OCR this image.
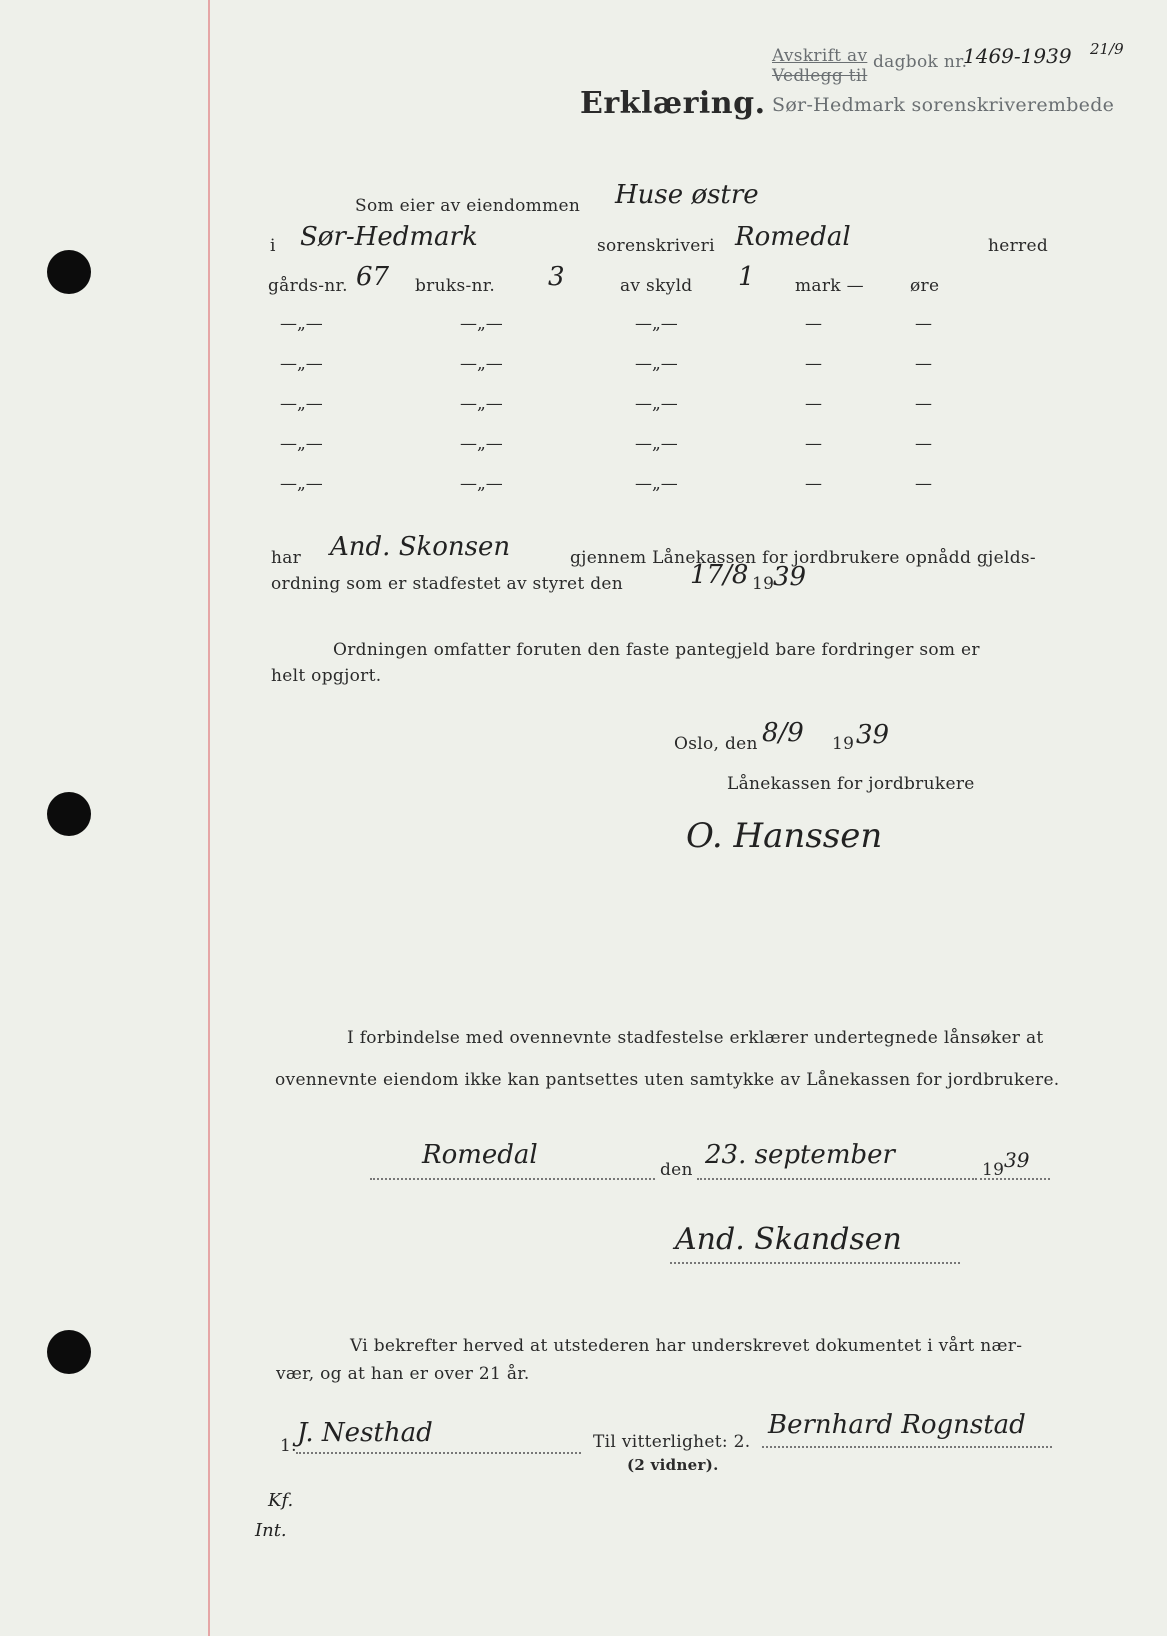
Avskrift av dagbok nr.
1469-1939 21/9
Vedlegg til
Sør-Hedmark sorenskriverembede
Erklæring.
Som eier av eiendommen Huse østre
i Sør-Hedmark	sorenskriveri Romedal	herred
gårds-nr. 67 bruks-nr. 3	av skyld 1 mark —	øre
—„—	—„—	—„—	—	—
—„—	—„—	—„—	—	—
—„—	—„—	—„—	—	—
—„—	—„—	—„—	—	—
—„—	—„—	—„—	—	—
har And. Skonsen	gjennem Lånekassen for jordbrukere opnådd gjelds-
ordning som er stadfestet av styret den	17/8 19
39
Ordningen omfatter foruten den faste pantegjeld bare fordringer som er
helt opgjort.
Oslo, den 8/9 19 39
Lånekassen for jordbrukere
O. Hanssen
I forbindelse med ovennevnte stadfestelse erklærer undertegnede lånsøker at
ovennevnte eiendom ikke kan pantsettes uten samtykke av Lånekassen for jordbrukere.
Romedal	den 23. september	19 39
And. Skandsen
Vi bekrefter herved at utstederen har underskrevet dokumentet i vårt nær-
vær, og at han er over 21 år.
1. J. Nesthad	Til vitterlighet: 2.
Bernhard Rognstad
(2 vidner).
Kf.
Int.
